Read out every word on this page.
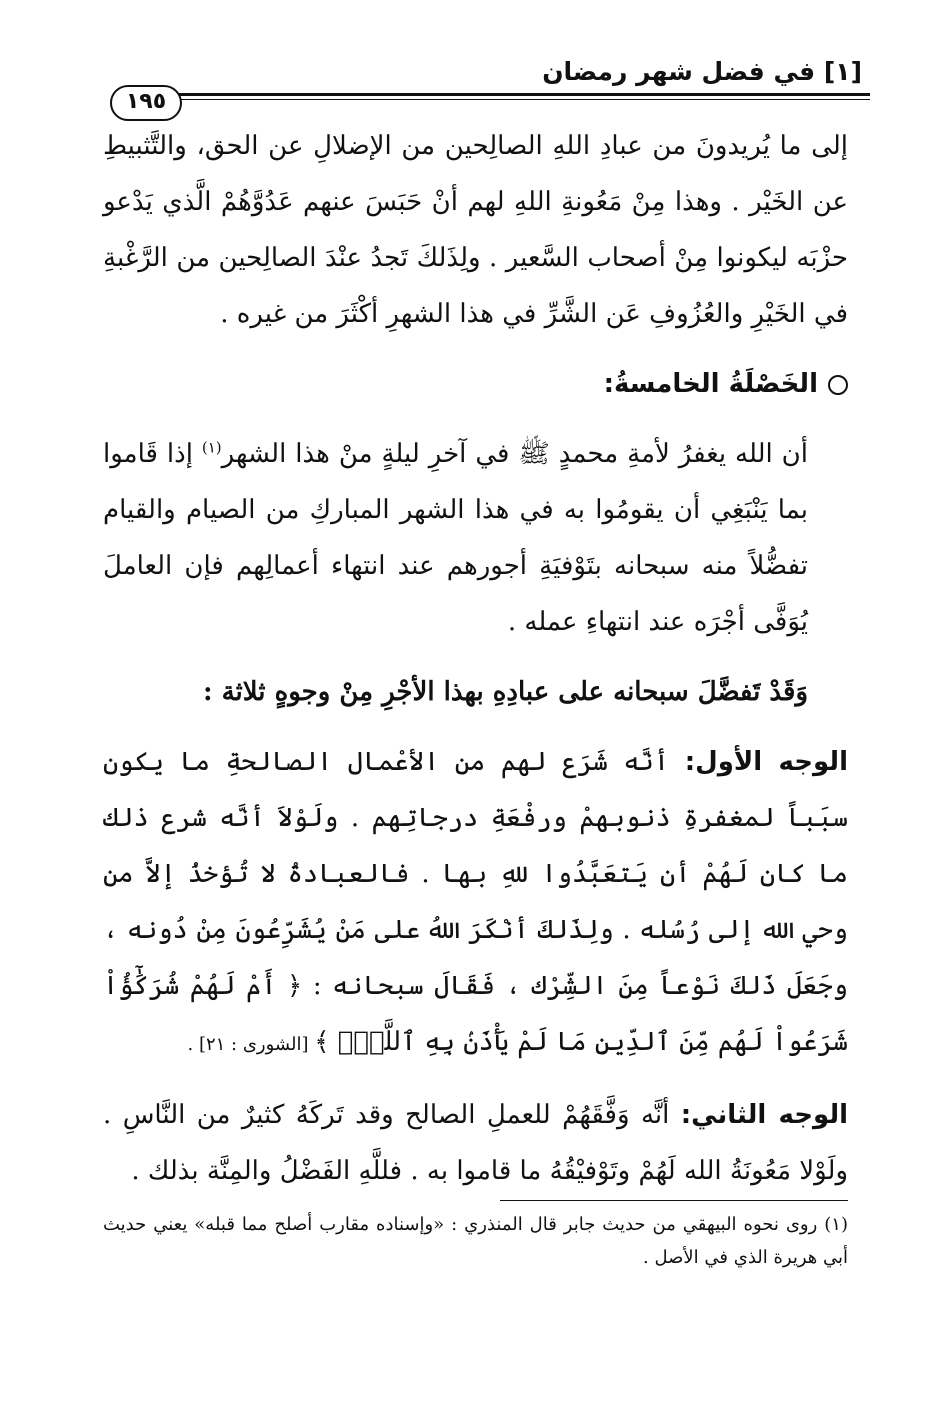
[١] في فضل شهر رمضان
١٩٥

إلى ما يُريدونَ من عبادِ اللهِ الصالِحين من الإضلالِ عن الحق، والتَّثبيطِ عن الخَيْر . وهذا مِنْ مَعُونةِ اللهِ لهم أنْ حَبَسَ عنهم عَدُوَّهُمْ الَّذي يَدْعو حزْبَه ليكونوا مِنْ أصحاب السَّعير . ولِذَلكَ تَجدُ عنْدَ الصالِحين من الرَّغْبةِ في الخَيْرِ والعُزُوفِ عَن الشَّرِّ في هذا الشهرِ أكْثَرَ من غيره .

الخَصْلَةُ الخامسةُ:

أن الله يغفرُ لأمةِ محمدٍ ﷺ في آخرِ ليلةٍ منْ هذا الشهر$^{(١)}$ إذا قَاموا بما يَنْبَغِي أن يقومُوا به في هذا الشهر المباركِ من الصيام والقيام تفضُّلاً منه سبحانه بتَوْفيَةِ أجورهم عند انتهاء أعمالِهم فإن العاملَ يُوَفَّى أجْرَه عند انتهاءِ عمله .

وَقَدْ تَفضَّلَ سبحانه على عبادِهِ بهذا الأجْرِ مِنْ وجوهٍ ثلاثة :

الوجه الأول: أنَّه شَرَع لهم من الأعْمال الصالحةِ ما يكون سبَباً لمغفرةِ ذنوبهمْ ورفْعَةِ درجاتِهم . ولَوْلاَ أنَّه شرع ذلك ما كان لَهُمْ أن يَتعَبَّدُوا للهِ بها . فالعبادةُ لا تُؤخذُ إلاَّ من وحي الله إلى رُسُله . ولِذَلكَ أنْكَرَ اللهُ على مَنْ يُشَرِّعُونَ مِنْ دُونه ، وجَعَلَ ذَلكَ نَوْعاً مِنَ الشِّرْك ، فَقَالَ سبحانه : ﴿ أَمْ لَهُمْ شُرَكَٰٓؤُاْ شَرَعُواْ لَهُم مِّنَ ٱلدِّينِ مَا لَمْ يَأْذَنۢ بِهِ ٱللَّهُۚ ﴾ [الشورى : ٢١] .

الوجه الثاني: أنَّه وَفَّقَهُمْ للعملِ الصالح وقد تَركَهُ كثيرٌ من النَّاسِ . ولَوْلا مَعُونَةُ الله لَهُمْ وتَوْفيْقُهُ ما قاموا به . فللَّهِ الفَضْلُ والمِنَّة بذلك .

(١) روى نحوه البيهقي من حديث جابر قال المنذري : «وإسناده مقارب أصلح مما قبله» يعني حديث أبي هريرة الذي في الأصل .
